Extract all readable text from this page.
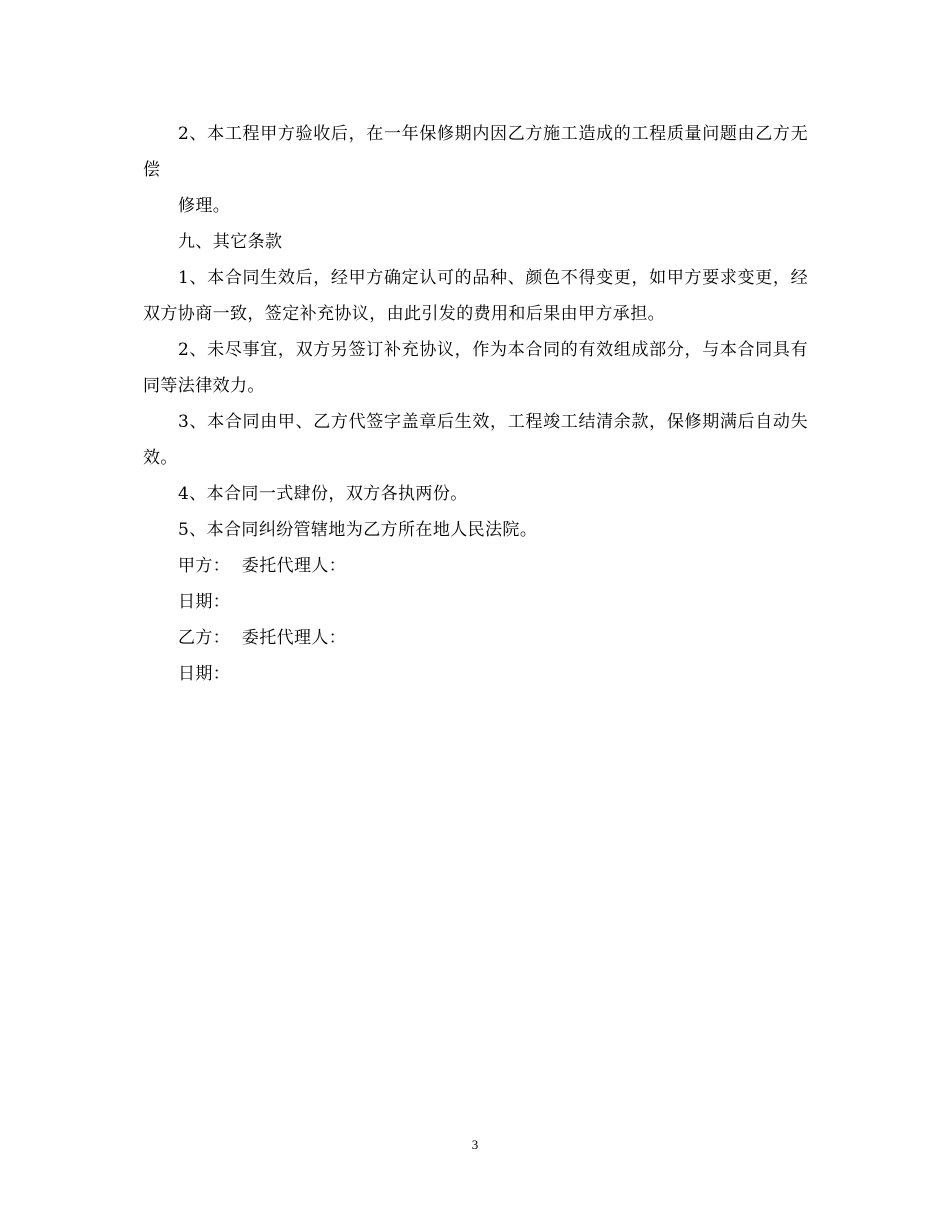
2、本工程甲方验收后，在一年保修期内因乙方施工造成的工程质量问题由乙方无偿

修理。

九、其它条款

1、本合同生效后，经甲方确定认可的品种、颜色不得变更，如甲方要求变更，经双方协商一致，签定补充协议，由此引发的费用和后果由甲方承担。

2、未尽事宜，双方另签订补充协议，作为本合同的有效组成部分，与本合同具有同等法律效力。

3、本合同由甲、乙方代签字盖章后生效，工程竣工结清余款，保修期满后自动失效。

4、本合同一式肆份，双方各执两份。

5、本合同纠纷管辖地为乙方所在地人民法院。

甲方：  委托代理人：

日期：

乙方：  委托代理人：

日期：

3
